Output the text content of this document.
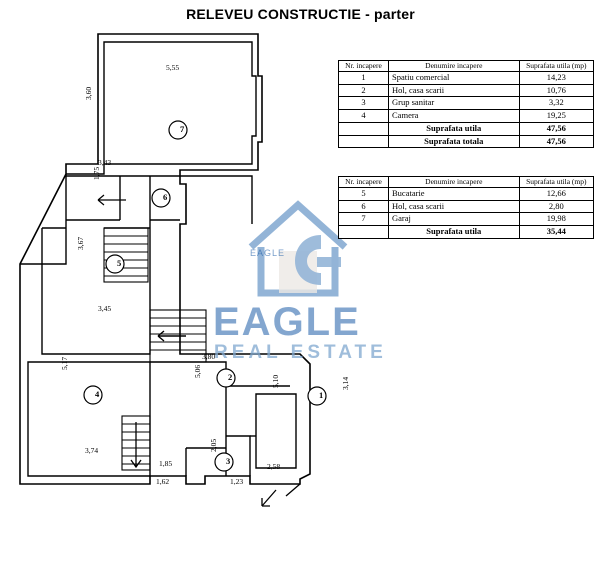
RELEVEU CONSTRUCTIE - parter
7
6
5
4
2
3
1
5,55
3,60
3,43
1,75
3,67
3,45
5,17
3,74
1,85
1,62
2,05
1,23
2,58
3,80
5,06
5,10	3,14
EAGLE
EAGLE
REAL ESTATE
Nr. incapere	Denumire incapere	Suprafata utila (mp)
1	Spatiu comercial	14,23
2	Hol, casa scarii	10,76
3	Grup sanitar	3,32
4	Camera	19,25
	Suprafata utila	47,56
	Suprafata totala	47,56
Nr. incapere	Denumire incapere	Suprafata utila (mp)
5	Bucatarie	12,66
6	Hol, casa scarii	2,80
7	Garaj	19,98
	Suprafata utila	35,44
